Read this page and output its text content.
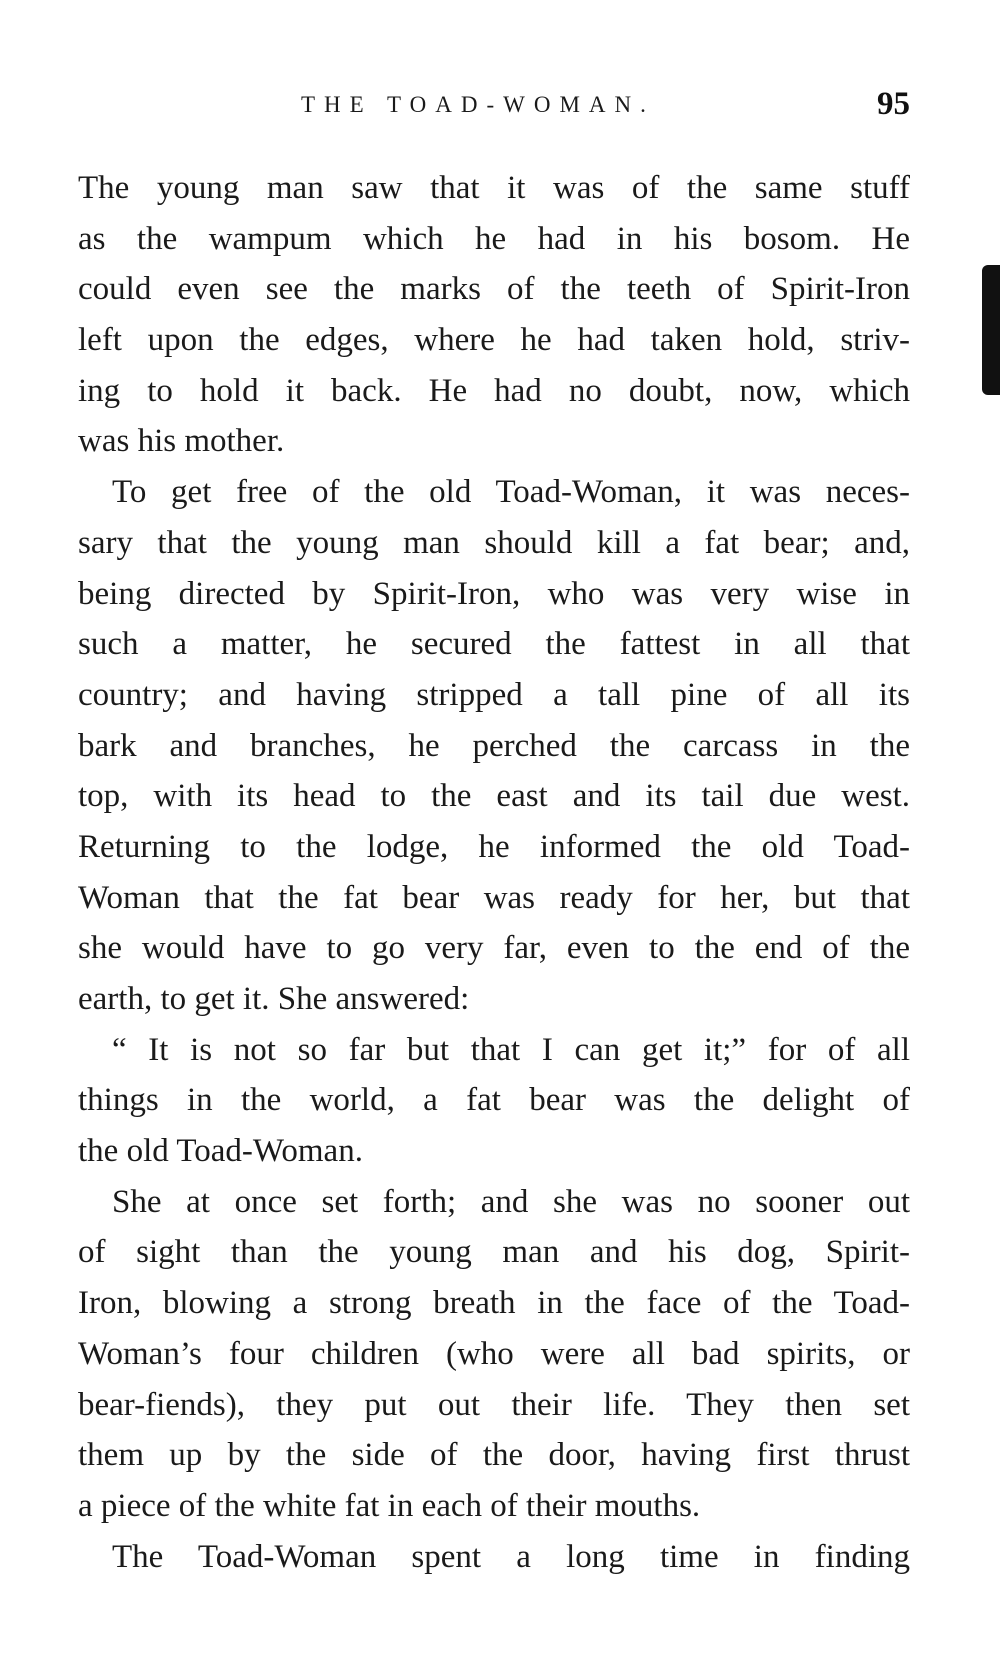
THE TOAD-WOMAN.	95
The young man saw that it was of the same stuff
as the wampum which he had in his bosom. He
could even see the marks of the teeth of Spirit-Iron
left upon the edges, where he had taken hold, striv-
ing to hold it back. He had no doubt, now, which
was his mother.
To get free of the old Toad-Woman, it was neces-
sary that the young man should kill a fat bear; and,
being directed by Spirit-Iron, who was very wise in
such a matter, he secured the fattest in all that
country; and having stripped a tall pine of all its
bark and branches, he perched the carcass in the
top, with its head to the east and its tail due west.
Returning to the lodge, he informed the old Toad-
Woman that the fat bear was ready for her, but that
she would have to go very far, even to the end of the
earth, to get it. She answered:
“ It is not so far but that I can get it;” for of all
things in the world, a fat bear was the delight of
the old Toad-Woman.
She at once set forth; and she was no sooner out
of sight than the young man and his dog, Spirit-
Iron, blowing a strong breath in the face of the Toad-
Woman’s four children (who were all bad spirits, or
bear-fiends), they put out their life. They then set
them up by the side of the door, having first thrust
a piece of the white fat in each of their mouths.
The Toad-Woman spent a long time in finding
